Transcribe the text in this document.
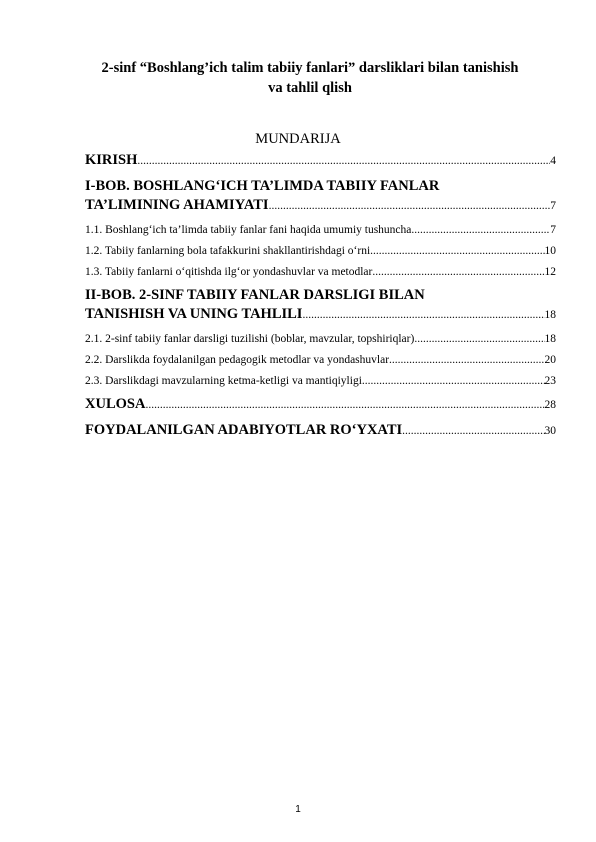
2-sinf “Boshlang’ich talim tabiiy fanlari” darsliklari bilan tanishish
va tahlil qlish
MUNDARIJA
KIRISH .....	4
I-BOB. BOSHLANG‘ICH TA’LIMDA TABIIY FANLAR
TA’LIMINING AHAMIYATI .....	7
1.1. Boshlang‘ich ta’limda tabiiy fanlar fani haqida umumiy tushuncha .....	7
1.2. Tabiiy fanlarning bola tafakkurini shakllantirishdagi o‘rni .....	10
1.3. Tabiiy fanlarni o‘qitishda ilg‘or yondashuvlar va metodlar .....	12
II-BOB. 2-SINF TABIIY FANLAR DARSLIGI BILAN
TANISHISH VA UNING TAHLILI .....	18
2.1. 2-sinf tabiiy fanlar darsligi tuzilishi (boblar, mavzular, topshiriqlar) .....	18
2.2. Darslikda foydalanilgan pedagogik metodlar va yondashuvlar .....	20
2.3. Darslikdagi mavzularning ketma-ketligi va mantiqiyligi .....	23
XULOSA .....	28
FOYDALANILGAN ADABIYOTLAR RO‘YXATI .....	30
1
